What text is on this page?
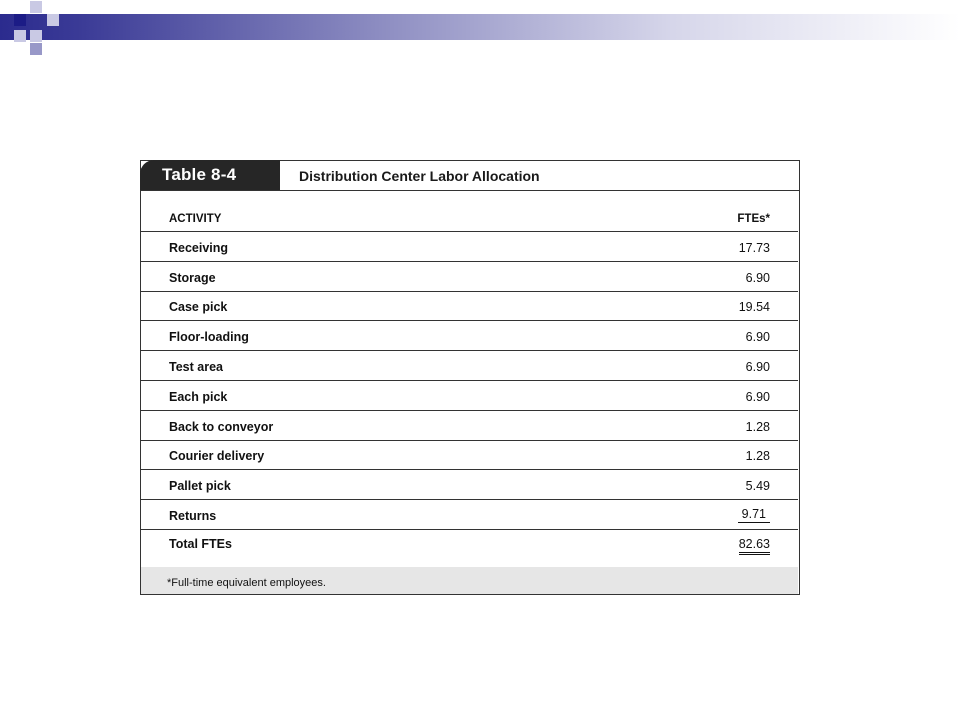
Table 8-4	Distribution Center Labor Allocation
ACTIVITY	FTEs*
Receiving	17.73
Storage	6.90
Case pick	19.54
Floor-loading	6.90
Test area	6.90
Each pick	6.90
Back to conveyor	1.28
Courier delivery	1.28
Pallet pick	5.49
Returns	9.71
Total FTEs	82.63
*Full-time equivalent employees.
